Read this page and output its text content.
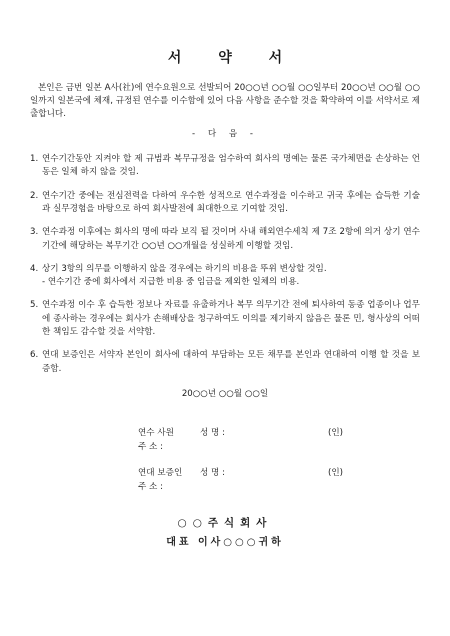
서 약 서
본인은 금번 일본 A사(社)에 연수요원으로 선발되어 20○○년 ○○월 ○○일부터 20○○년 ○○월 ○○일까지 일본국에 체재, 규정된 연수를 이수함에 있어 다음 사항을 준수할 것을 확약하여 이를 서약서로 제출합니다.
- 다 음 -
1. 연수기간동안 지켜야 할 제 규범과 복무규정을 엄수하여 회사의 명예는 물론 국가체면을 손상하는 언동은 일체 하지 않을 것임.
2. 연수기간 중에는 전심전력을 다하여 우수한 성적으로 연수과정을 이수하고 귀국 후에는 습득한 기술과 실무경험을 바탕으로 하여 회사발전에 최대한으로 기여할 것임.
3. 연수과정 이후에는 회사의 명에 따라 보직 될 것이며 사내 해외연수세칙 제 7조 2항에 의거 상기 연수 기간에 해당하는 복무기간 ○○년 ○○개월을 성실하게 이행할 것임.
4. 상기 3항의 의무를 이행하지 않을 경우에는 하기의 비용을 뚜위 변상할 것임.
- 연수기간 중에 회사에서 지급한 비용 중 임금을 제외한 일체의 비용.
5. 연수과정 이수 후 습득한 정보나 자료를 유출하거나 복무 의무기간 전에 퇴사하여 동종 업종이나 업무에 종사하는 경우에는 회사가 손해배상을 청구하여도 이의를 제기하지 않음은 물론 민, 형사상의 어떠한 책임도 감수할 것을 서약함.
6. 연대 보증인은 서약자 본인이 회사에 대하여 부담하는 모든 채무를 본인과 연대하여 이행 할 것을 보증함.
20○○년 ○○월 ○○일
연수 사원	성 명 :	(인)
주 소 :
연대 보증인	성 명 :	(인)
주 소 :
○○주식회사
대표 이사○○○귀하
